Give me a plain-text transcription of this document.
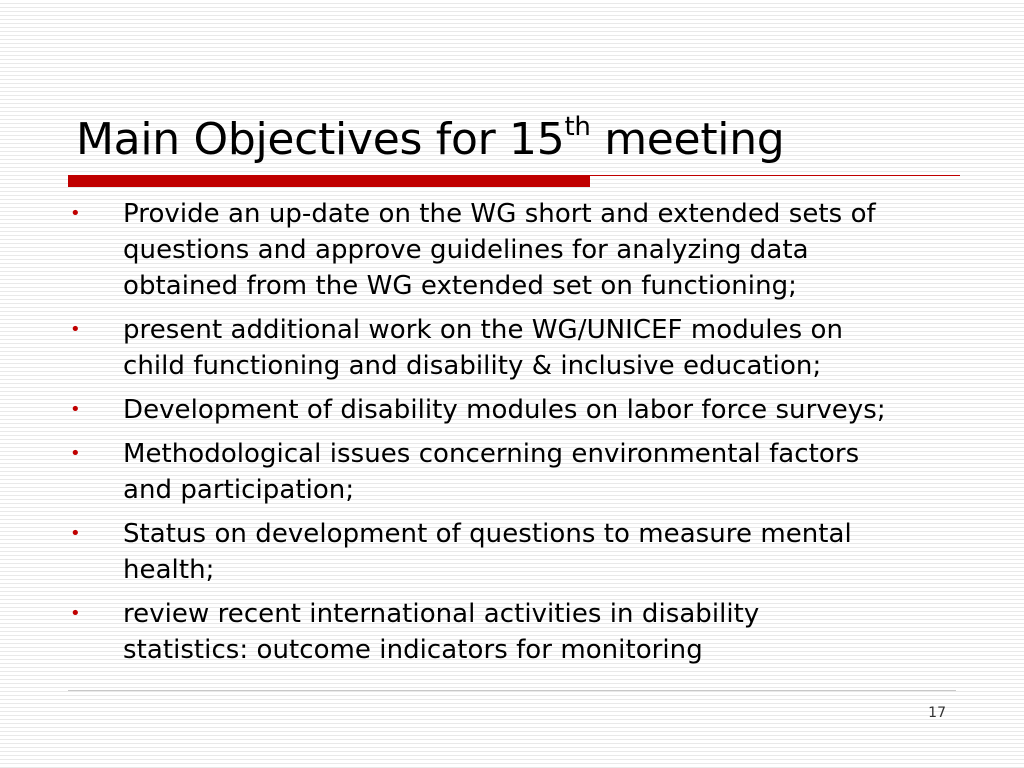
Main Objectives for 15th meeting
• Provide an up-date on the WG short and extended sets of
questions and approve guidelines for analyzing data
obtained from the WG extended set on functioning;
• present additional work on the WG/UNICEF modules on
child functioning and disability & inclusive education;
• Development of disability modules on labor force surveys;
• Methodological issues concerning environmental factors
and participation;
• Status on development of questions to measure mental
health;
• review recent international activities in disability
statistics: outcome indicators for monitoring
17
